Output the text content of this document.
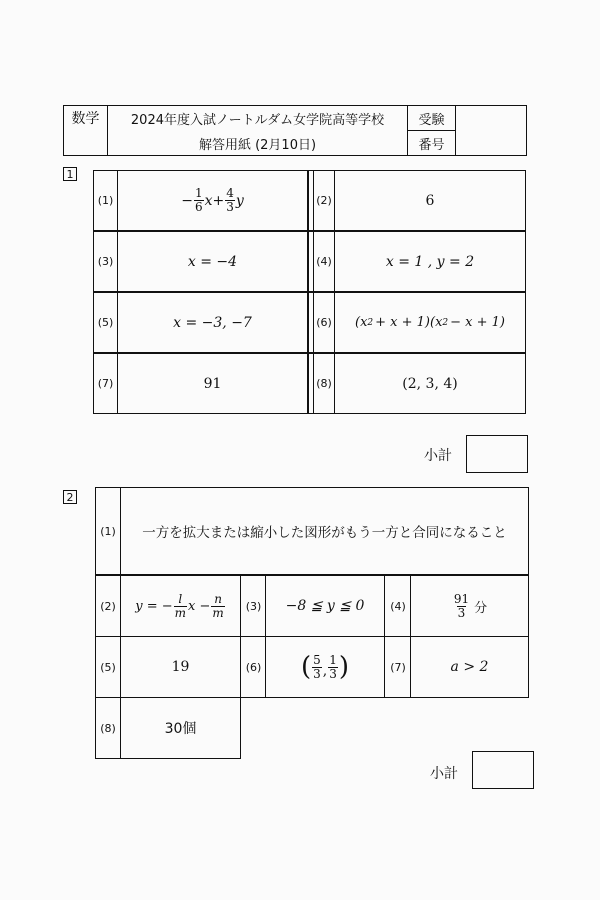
数学	2024年度入試ノートルダム女学院高等学校
解答用紙 (2月10日)
受験
番号
1
(1)	− $\frac{1}{6}$ $x + \frac{4}{3}$ y	(2)	6
(3)	x = −4	(4)	x = 1 , y = 2
(5)	x = −3, −7	(6) (x 2 + x + 1)(x 2 − x + 1)
(7)	91	(8)	(2, 3, 4)
小計
2
(1)	一方を拡大または縮小した図形がもう一方と合同になること
(2)	y = − $\frac{l}{m}$ $x - \frac{n}{m}$	(3)	−8 ≦ y ≦ 0	(4)	$\frac{91}{3}$ 分
(5)	19	(6) ( $\frac{5}{3}$ , $\frac{1}{3}$ )	(7)	a > 2
(8)	30個
小計
